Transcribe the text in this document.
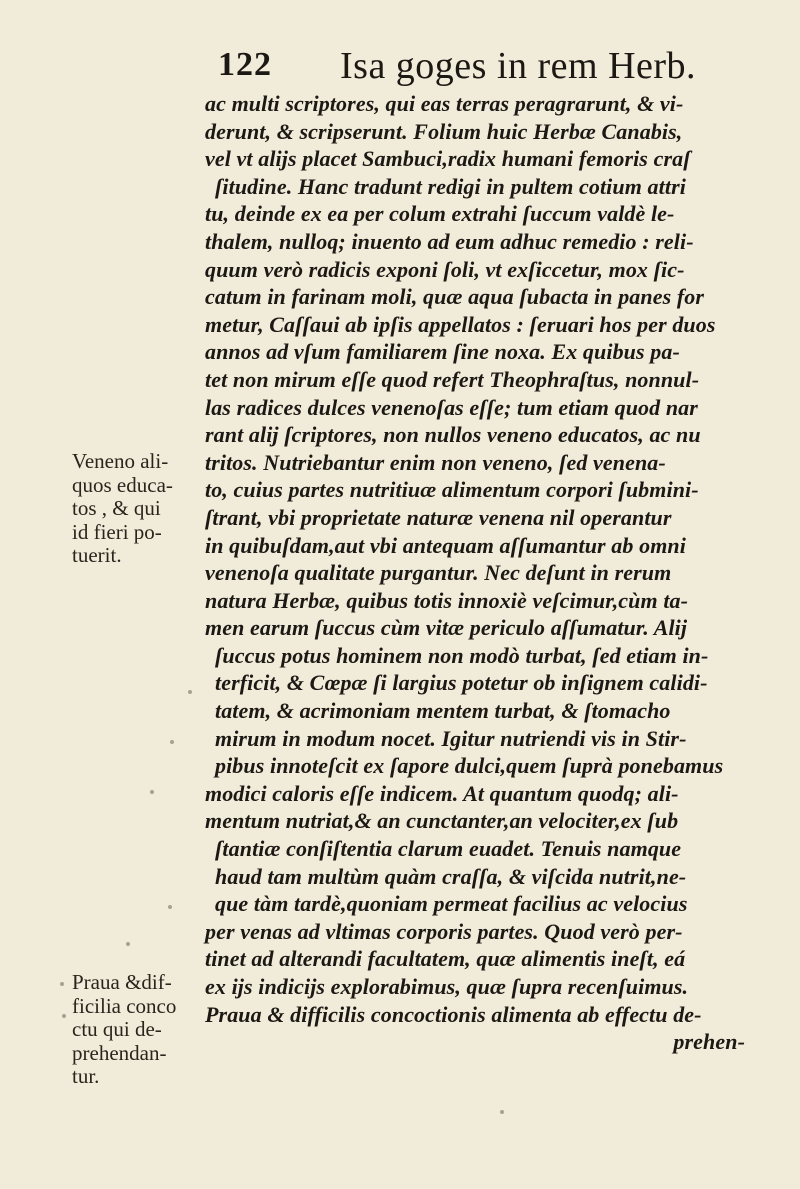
122 Isa goges in rem Herb.
ac multi scriptores, qui eas terras peragrarunt, & vi-
derunt, & scripserunt. Folium huic Herbæ Canabis,
vel vt alijs placet Sambuci,radix humani femoris craſ
ſitudine. Hanc tradunt redigi in pultem cotium attri
tu, deinde ex ea per colum extrahi ſuccum valdè le-
thalem, nulloq; inuento ad eum adhuc remedio : reli-
quum verò radicis exponi ſoli, vt exſiccetur, mox ſic-
catum in farinam moli, quæ aqua ſubacta in panes for
metur, Caſſaui ab ipſis appellatos : ſeruari hos per duos
annos ad vſum familiarem ſine noxa. Ex quibus pa-
tet non mirum eſſe quod refert Theophraſtus, nonnul-
las radices dulces venenoſas eſſe; tum etiam quod nar
rant alij ſcriptores, non nullos veneno educatos, ac nu
tritos. Nutriebantur enim non veneno, ſed venena-
to, cuius partes nutritiuæ alimentum corpori ſubmini-
ſtrant, vbi proprietate naturæ venena nil operantur
in quibuſdam,aut vbi antequam aſſumantur ab omni
venenoſa qualitate purgantur. Nec deſunt in rerum
natura Herbæ, quibus totis innoxiè veſcimur,cùm ta-
men earum ſuccus cùm vitæ periculo aſſumatur. Alij
ſuccus potus hominem non modò turbat, ſed etiam in-
terficit, & Cœpæ ſi largius potetur ob inſignem calidi-
tatem, & acrimoniam mentem turbat, & ſtomacho
mirum in modum nocet. Igitur nutriendi vis in Stir-
pibus innoteſcit ex ſapore dulci,quem ſuprà ponebamus
modici caloris eſſe indicem. At quantum quodq; ali-
mentum nutriat,& an cunctanter,an velociter,ex ſub
ſtantiæ conſiſtentia clarum euadet. Tenuis namque
haud tam multùm quàm craſſa, & viſcida nutrit,ne-
que tàm tardè,quoniam permeat facilius ac velocius
per venas ad vltimas corporis partes. Quod verò per-
tinet ad alterandi facultatem, quæ alimentis ineſt, eá
ex ijs indicijs explorabimus, quæ ſupra recenſuimus.
Praua & difficilis concoctionis alimenta ab effectu de-
prehen-
Veneno ali-
quos educa-
tos , & qui
id fieri po-
tuerit.
Praua &dif-
ficilia conco
ctu qui de-
prehendan-
tur.
